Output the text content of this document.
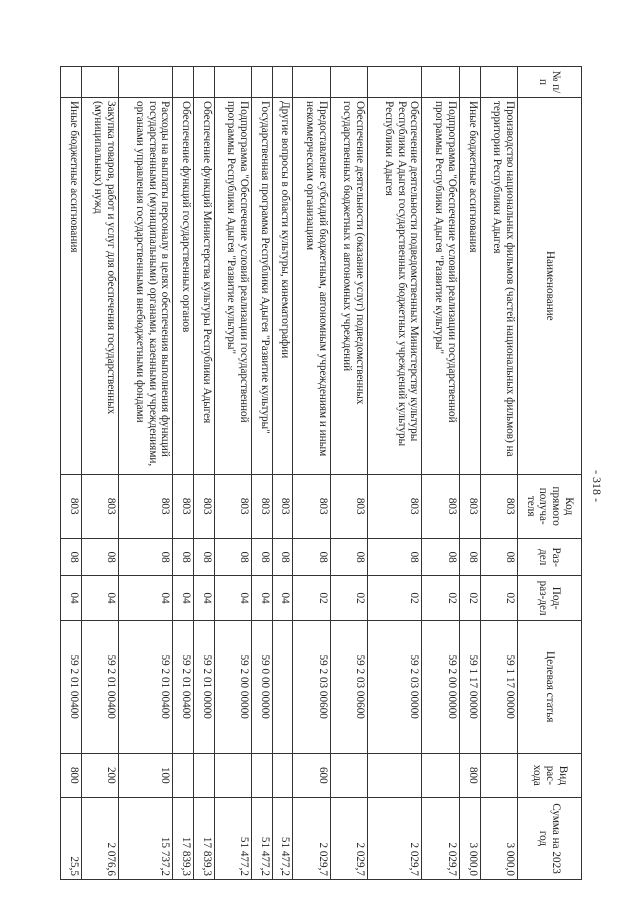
- 318 -
№ п/п	Наименование	Код прямого получа-теля	Раз-дел	Под-раз-дел	Целевая статья	Вид рас-хода	Сумма на 2023 год
	Производство национальных фильмов (частей национальных фильмов) на территории Республики Адыгея	803	08	02	59 1 17 00000		3 000,0
	Иные бюджетные ассигнования	803	08	02	59 1 17 00000	800	3 000,0
	Подпрограмма "Обеспечение условий реализации государственной программы Республики Адыгея "Развитие культуры"	803	08	02	59 2 00 00000		2 029,7
	Обеспечение деятельности подведомственных Министерству культуры Республики Адыгея государственных бюджетных учреждений культуры Республики Адыгея	803	08	02	59 2 03 00000		2 029,7
	Обеспечение деятельности (оказание услуг) подведомственных государственных бюджетных и автономных учреждений	803	08	02	59 2 03 00600		2 029,7
	Предоставление субсидий бюджетным, автономным учреждениям и иным некоммерческим организациям	803	08	02	59 2 03 00600	600	2 029,7
	Другие вопросы в области культуры, кинематографии	803	08	04			51 477,2
	Государственная программа Республики Адыгея "Развитие культуры"	803	08	04	59 0 00 00000		51 477,2
	Подпрограмма "Обеспечение условий реализации государственной программы Республики Адыгея "Развитие культуры"	803	08	04	59 2 00 00000		51 477,2
	Обеспечение функций Министерства культуры Республики Адыгея	803	08	04	59 2 01 00000		17 839,3
	Обеспечение функций государственных органов	803	08	04	59 2 01 00400		17 839,3
	Расходы на выплаты персоналу в целях обеспечения выполнения функций государственными (муниципальными) органами, казенными учреждениями, органами управления государственными внебюджетными фондами	803	08	04	59 2 01 00400	100	15 737,2
	Закупка товаров, работ и услуг для обеспечения государственных (муниципальных) нужд	803	08	04	59 2 01 00400	200	2 076,6
	Иные бюджетные ассигнования	803	08	04	59 2 01 00400	800	25,5
